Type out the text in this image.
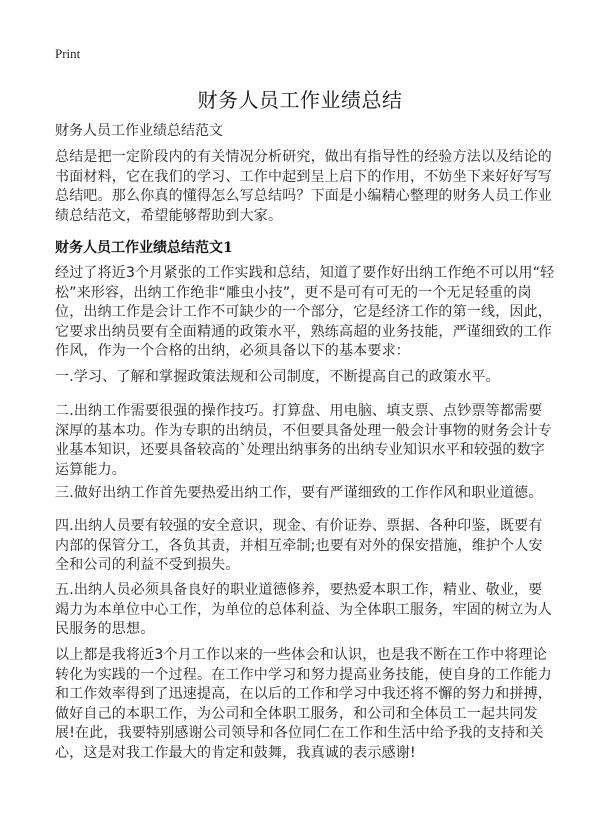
Print
财务人员工作业绩总结
财务人员工作业绩总结范文

总结是把一定阶段内的有关情况分析研究，做出有指导性的经验方法以及结论的书面材料，它在我们的学习、工作中起到呈上启下的作用，不妨坐下来好好写写总结吧。那么你真的懂得怎么写总结吗？下面是小编精心整理的财务人员工作业绩总结范文，希望能够帮助到大家。

财务人员工作业绩总结范文1

经过了将近3个月紧张的工作实践和总结，知道了要作好出纳工作绝不可以用“轻松”来形容，出纳工作绝非“雕虫小技”，更不是可有可无的一个无足轻重的岗位，出纳工作是会计工作不可缺少的一个部分，它是经济工作的第一线，因此，它要求出纳员要有全面精通的政策水平，熟练高超的业务技能，严谨细致的工作作风，作为一个合格的出纳，必须具备以下的基本要求：

一.学习、了解和掌握政策法规和公司制度，不断提高自己的政策水平。

二.出纳工作需要很强的操作技巧。打算盘、用电脑、填支票、点钞票等都需要深厚的基本功。作为专职的出纳员，不但要具备处理一般会计事物的财务会计专业基本知识，还要具备较高的`处理出纳事务的出纳专业知识水平和较强的数字运算能力。

三.做好出纳工作首先要热爱出纳工作，要有严谨细致的工作作风和职业道德。

四.出纳人员要有较强的安全意识，现金、有价证券、票据、各种印鉴，既要有内部的保管分工，各负其责，并相互牵制;也要有对外的保安措施，维护个人安全和公司的利益不受到损失。

五.出纳人员必须具备良好的职业道德修养，要热爱本职工作，精业、敬业，要竭力为本单位中心工作，为单位的总体利益、为全体职工服务，牢固的树立为人民服务的思想。

以上都是我将近3个月工作以来的一些体会和认识，也是我不断在工作中将理论转化为实践的一个过程。在工作中学习和努力提高业务技能，使自身的工作能力和工作效率得到了迅速提高，在以后的工作和学习中我还将不懈的努力和拼搏，做好自己的本职工作，为公司和全体职工服务，和公司和全体员工一起共同发展!在此，我要特别感谢公司领导和各位同仁在工作和生活中给予我的支持和关心，这是对我工作最大的肯定和鼓舞，我真诚的表示感谢!
